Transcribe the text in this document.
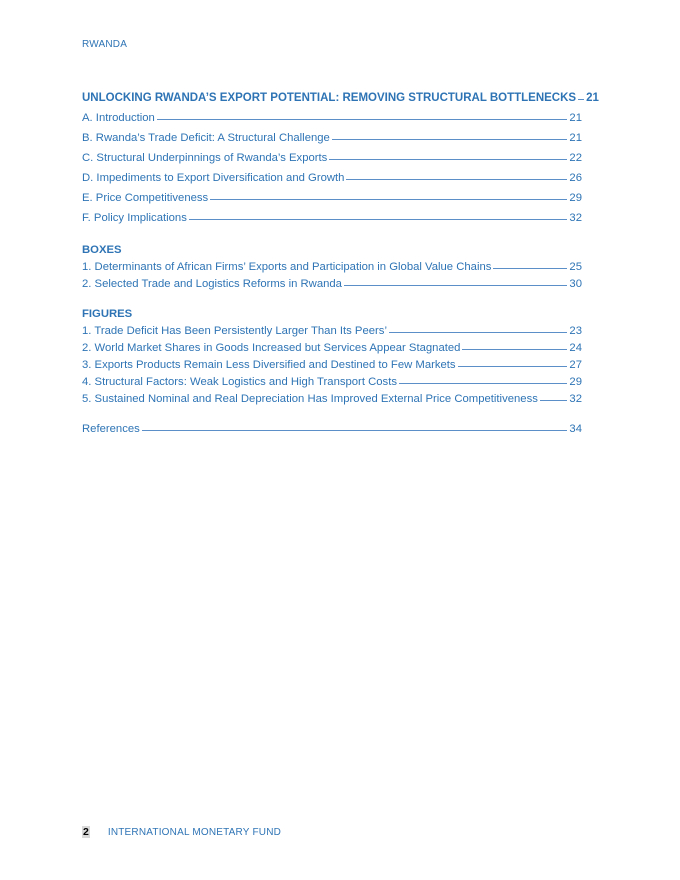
RWANDA
UNLOCKING RWANDA’S EXPORT POTENTIAL: REMOVING STRUCTURAL BOTTLENECKS 21
A. Introduction	21
B. Rwanda’s Trade Deficit: A Structural Challenge	21
C. Structural Underpinnings of Rwanda’s Exports	22
D. Impediments to Export Diversification and Growth	26
E. Price Competitiveness	29
F. Policy Implications	32
BOXES
1. Determinants of African Firms’ Exports and Participation in Global Value Chains	25
2. Selected Trade and Logistics Reforms in Rwanda	30
FIGURES
1. Trade Deficit Has Been Persistently Larger Than Its Peers’	23
2. World Market Shares in Goods Increased but Services Appear Stagnated	24
3. Exports Products Remain Less Diversified and Destined to Few Markets	27
4. Structural Factors: Weak Logistics and High Transport Costs	29
5. Sustained Nominal and Real Depreciation Has Improved External Price Competitiveness	32
References	34
2 INTERNATIONAL MONETARY FUND
